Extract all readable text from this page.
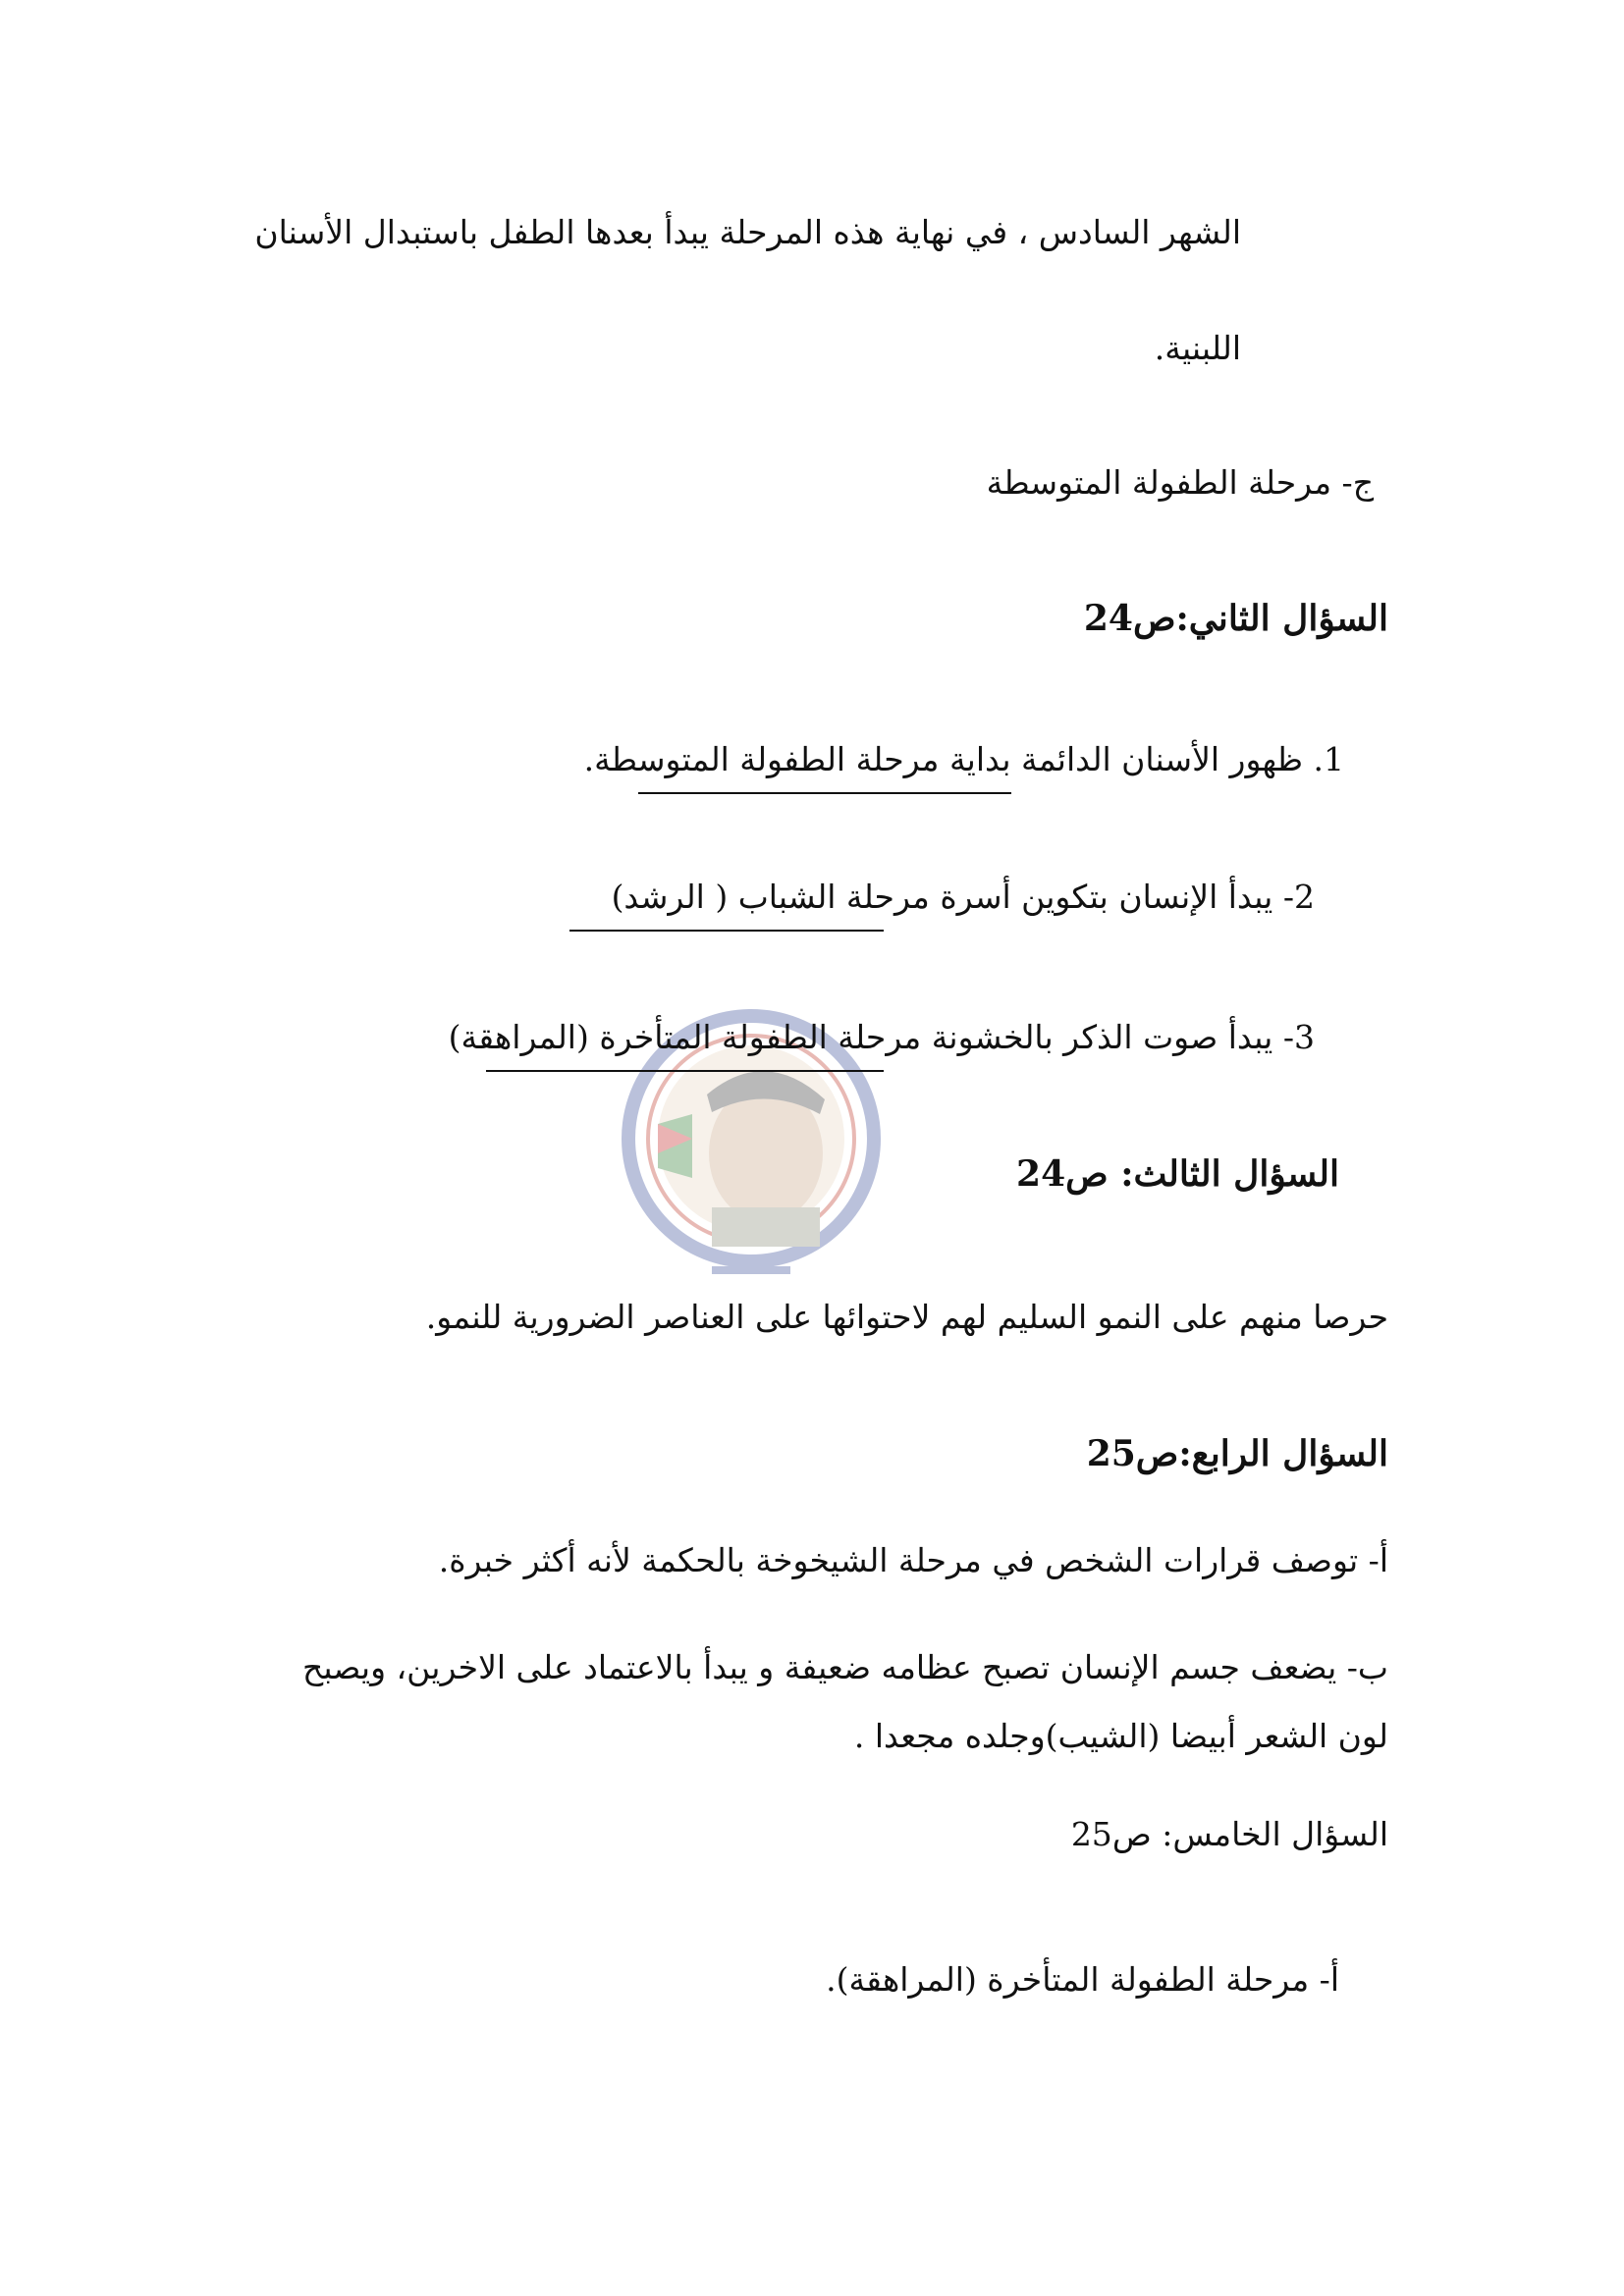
الشهر السادس ، في نهاية هذه المرحلة يبدأ بعدها الطفل باستبدال الأسنان
اللبنية.
ج- مرحلة الطفولة المتوسطة
السؤال الثاني:ص24
1. ظهور الأسنان الدائمة بداية مرحلة الطفولة المتوسطة.
2- يبدأ الإنسان بتكوين أسرة مرحلة الشباب ( الرشد)
3- يبدأ صوت الذكر بالخشونة مرحلة الطفولة المتأخرة (المراهقة)
السؤال الثالث: ص24
حرصا منهم على النمو السليم لهم لاحتوائها على العناصر الضرورية للنمو.
السؤال الرابع:ص25
أ- توصف قرارات الشخص في مرحلة الشيخوخة بالحكمة لأنه أكثر خبرة.
ب- يضعف جسم الإنسان تصبح عظامه ضعيفة و يبدأ بالاعتماد على الاخرين، ويصبح
لون الشعر أبيضا (الشيب)وجلده مجعدا .
السؤال الخامس: ص25
أ- مرحلة الطفولة المتأخرة (المراهقة).
